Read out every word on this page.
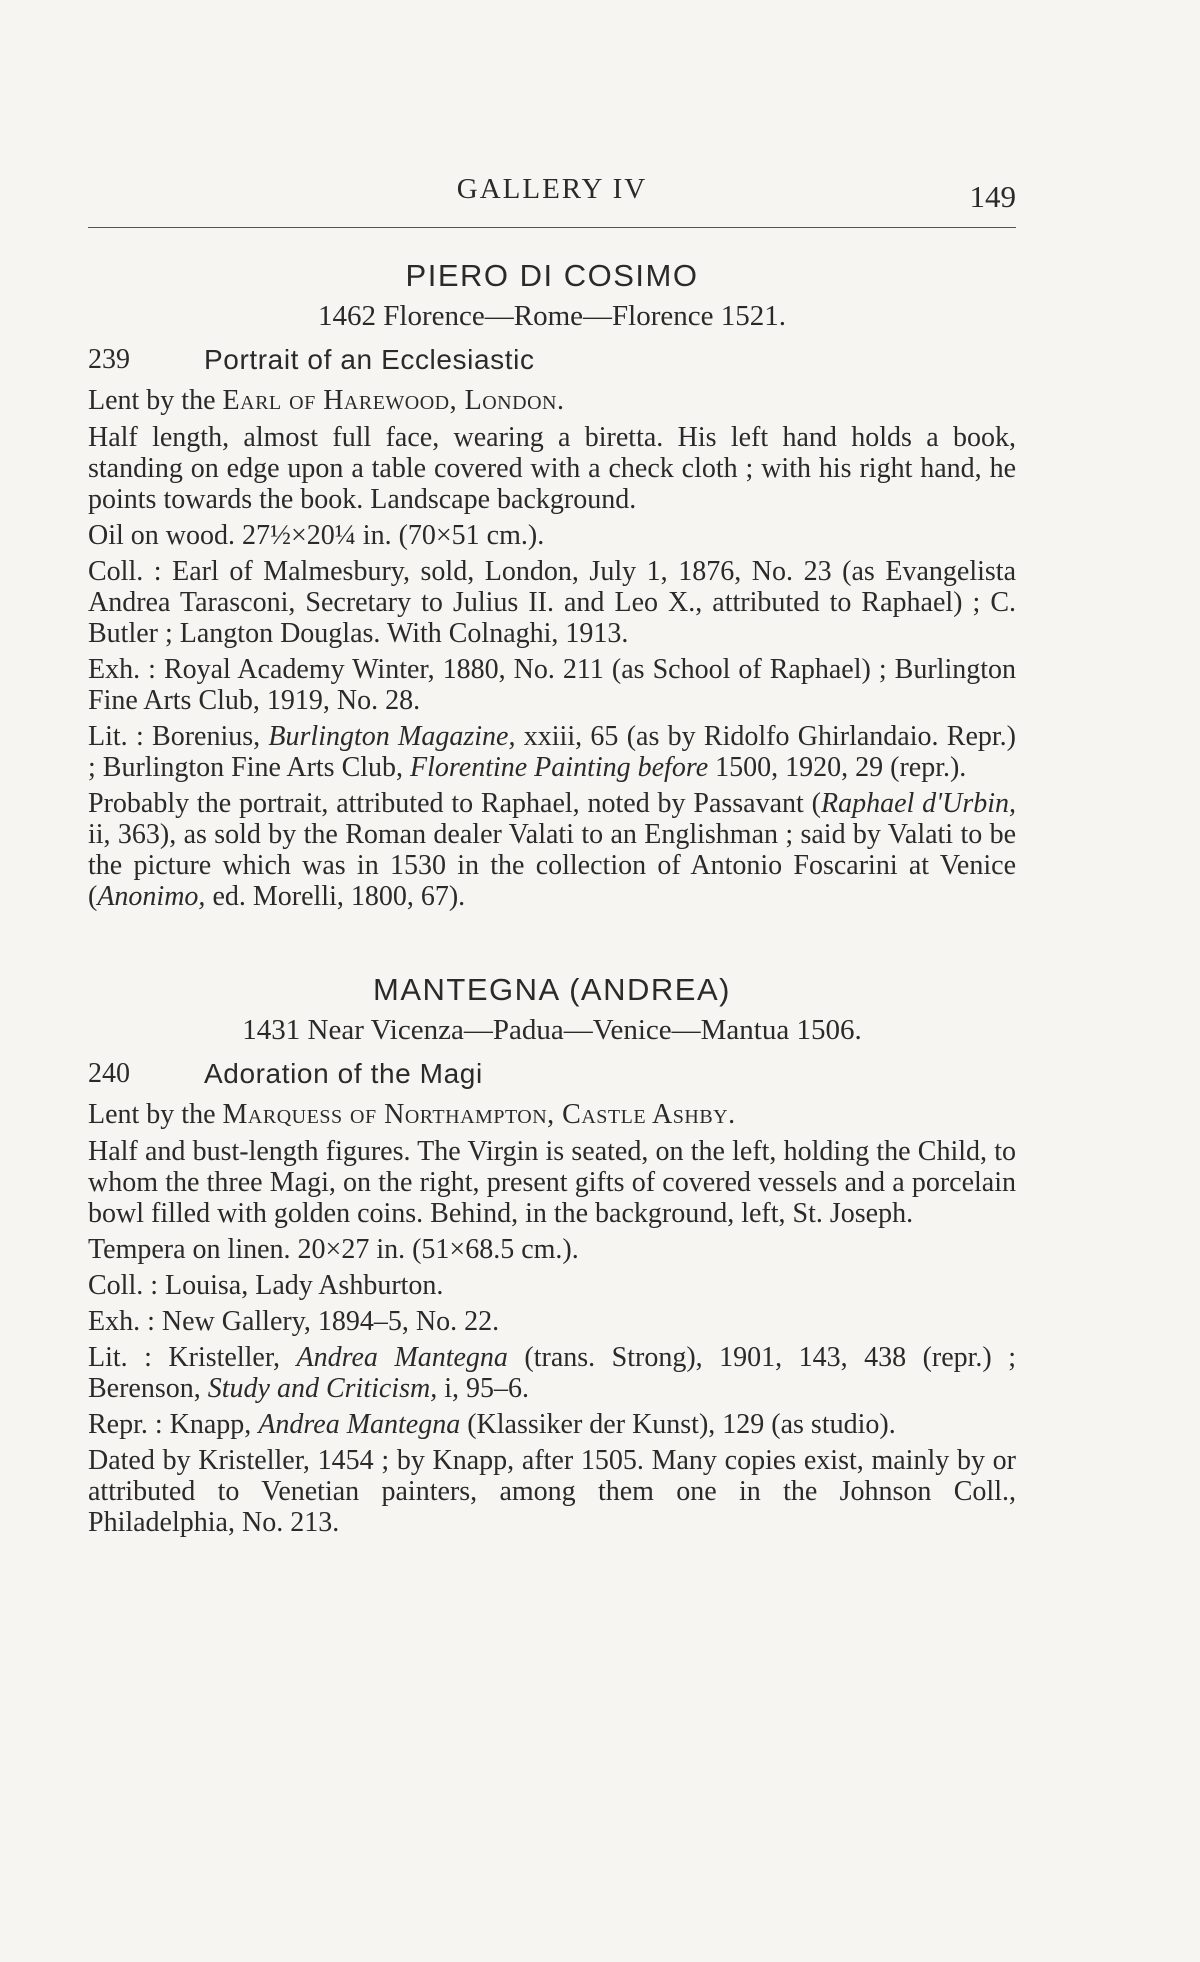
GALLERY IV	149
PIERO DI COSIMO
1462 Florence—Rome—Florence 1521.
239	Portrait of an Ecclesiastic
Lent by the Earl of Harewood, London.
Half length, almost full face, wearing a biretta. His left hand holds a book, standing on edge upon a table covered with a check cloth ; with his right hand, he points towards the book. Landscape background.
Oil on wood. 27½×20¼ in. (70×51 cm.).
Coll. : Earl of Malmesbury, sold, London, July 1, 1876, No. 23 (as Evangelista Andrea Tarasconi, Secretary to Julius II. and Leo X., attributed to Raphael) ; C. Butler ; Langton Douglas. With Colnaghi, 1913.
Exh. : Royal Academy Winter, 1880, No. 211 (as School of Raphael) ; Burlington Fine Arts Club, 1919, No. 28.
Lit. : Borenius, Burlington Magazine, xxiii, 65 (as by Ridolfo Ghirlandaio. Repr.) ; Burlington Fine Arts Club, Florentine Painting before 1500, 1920, 29 (repr.).
Probably the portrait, attributed to Raphael, noted by Passavant (Raphael d'Urbin, ii, 363), as sold by the Roman dealer Valati to an Englishman ; said by Valati to be the picture which was in 1530 in the collection of Antonio Foscarini at Venice (Anonimo, ed. Morelli, 1800, 67).
MANTEGNA (ANDREA)
1431 Near Vicenza—Padua—Venice—Mantua 1506.
240	Adoration of the Magi
Lent by the Marquess of Northampton, Castle Ashby.
Half and bust-length figures. The Virgin is seated, on the left, holding the Child, to whom the three Magi, on the right, present gifts of covered vessels and a porcelain bowl filled with golden coins. Behind, in the background, left, St. Joseph.
Tempera on linen. 20×27 in. (51×68.5 cm.).
Coll. : Louisa, Lady Ashburton.
Exh. : New Gallery, 1894–5, No. 22.
Lit. : Kristeller, Andrea Mantegna (trans. Strong), 1901, 143, 438 (repr.) ; Berenson, Study and Criticism, i, 95–6.
Repr. : Knapp, Andrea Mantegna (Klassiker der Kunst), 129 (as studio).
Dated by Kristeller, 1454 ; by Knapp, after 1505. Many copies exist, mainly by or attributed to Venetian painters, among them one in the Johnson Coll., Philadelphia, No. 213.
